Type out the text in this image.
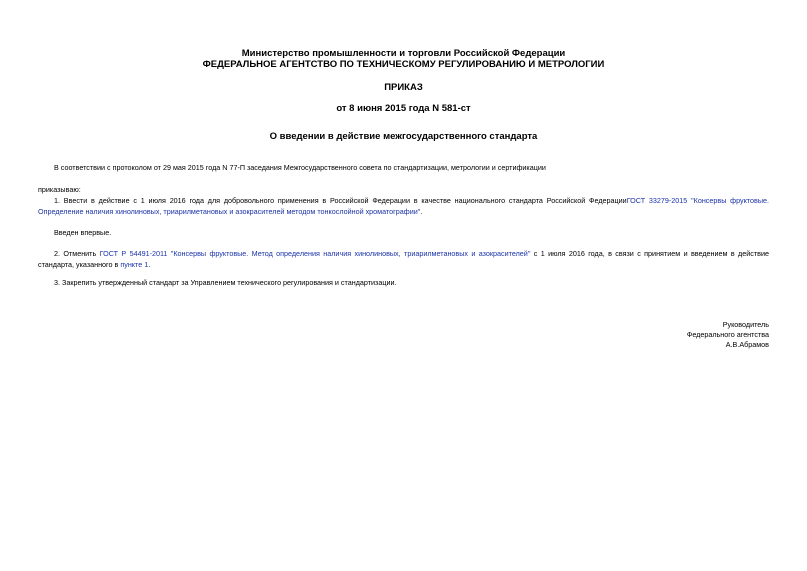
Министерство промышленности и торговли Российской Федерации
ФЕДЕРАЛЬНОЕ АГЕНТСТВО ПО ТЕХНИЧЕСКОМУ РЕГУЛИРОВАНИЮ И МЕТРОЛОГИИ
ПРИКАЗ
от 8 июня 2015 года N 581-ст
О введении в действие межгосударственного стандарта
В соответствии с протоколом от 29 мая 2015 года N 77-П заседания Межгосударственного совета по стандартизации, метрологии и сертификации
приказываю:
1. Ввести в действие с 1 июля 2016 года для добровольного применения в Российской Федерации в качестве национального стандарта Российской ФедерацииГОСТ 33279-2015 "Консервы фруктовые. Определение наличия хинолиновых, триарилметановых и азокрасителей методом тонкослойной хроматографии".
Введен впервые.
2. Отменить ГОСТ Р 54491-2011 "Консервы фруктовые. Метод определения наличия хинолиновых, триарилметановых и азокрасителей" с 1 июля 2016 года, в связи с принятием и введением в действие стандарта, указанного в пункте 1.
3. Закрепить утвержденный стандарт за Управлением технического регулирования и стандартизации.
Руководитель
Федерального агентства
А.В.Абрамов
